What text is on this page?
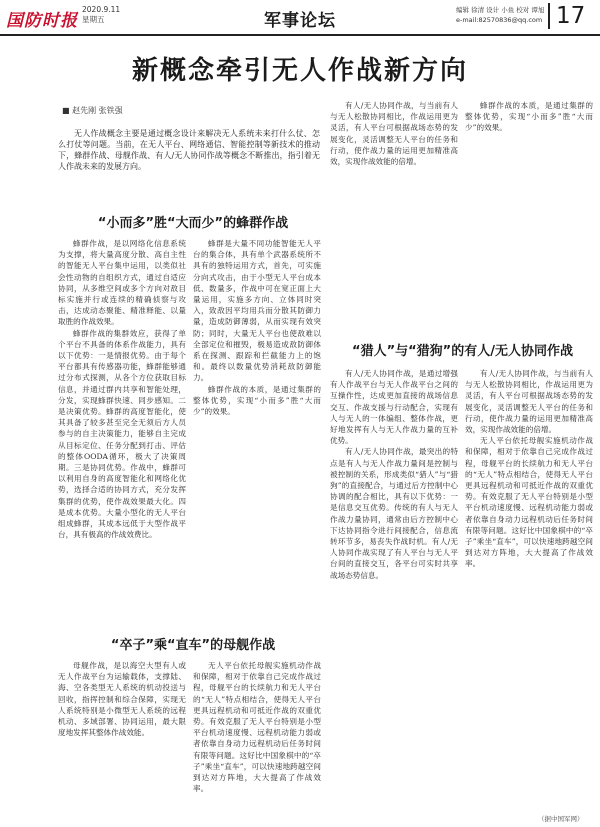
国防时报
2020.9.11
星期五	军事论坛
编辑 徐清 设计 小鱼 校对 谭旭
e-mail:82570836@qq.com 17
新概念牵引无人作战新方向
■ 赵先刚 张铁强
无人作战概念主要是通过概念设计来解决无人系统未来打什么仗、怎么打仗等问题。当前，在无人平台、网络通信、智能控制等新技术的推动下，蜂群作战、母舰作战、有人/无人协同作战等概念不断推出，指引着无人作战未来的发展方向。
“小而多”胜“大而少”的蜂群作战

蜂群作战，是以网络化信息系统为支撑，将大量高度分散、高自主性的智能无人平台集中运用，以类似社会性动物的自组织方式，通过自适应协同，从多维空间或多个方向对敌目标实施并行或连续的精确侦察与攻击，达成动态聚能、精准释能、以量取胜的作战效果。

蜂群作战的集群效应，获得了单个平台不具备的体系作战能力，具有以下优势：一是情报优势。由于每个平台都具有传感器功能，蜂群能够通过分布式探测，从各个方位获取目标信息，并通过群内共享和智能处理，分发，实现蜂群快速、同步感知。二是决策优势。蜂群的高度智能化，使其具备了较多甚至完全无须后方人员参与的自主决策能力，能够自主完成从目标定位、任务分配到打击、评估的整体OODA循环，极大了决策周期。三是协同优势。作战中，蜂群可以利用自身的高度智能化和网络化优势，选择合适的协同方式，充分发挥集群的优势，使作战效果最大化。四是成本优势。大量小型化的无人平台组成蜂群，其成本远低于大型作战平台，具有极高的作战效费比。

蜂群是大量不同功能智能无人平台的集合体，具有单个武器系统所不具有的独特运用方式，首先，可实施分向式攻击，由于小型无人平台成本低、数量多，作战中可在宽正面上大量运用，实施多方向、立体同时突入，致敌因平均用兵而分散其防御力量，造成防御薄弱，从而实现有效突防；同时，大量无人平台也使敌难以全部定位和摧毁，极易造成敌防御体系在探测、跟踪和拦截能力上的饱和。最终以数量优势消耗敌防御能力。

蜂群作战的本质，是通过集群的整体优势，实现“小而多”胜“大而少”的效果。

“卒子”乘“直车”的母舰作战

母舰作战，是以海空大型有人或无人作战平台为运输载体，支撑陆、海、空各类型无人系统的机动投送与回收，指挥控制和综合保障，实现无人系统特别是小微型无人系统的远程机动、多域部署、协同运用，最大限度地发挥其整体作战效能。

无人平台依托母舰实施机动作战和保障，相对于依靠自己完成作战过程，母舰平台的长续航力和无人平台的“无人”特点相结合，使得无人平台更具远程机动和可抵近作战的双重优势。有效克服了无人平台特别是小型平台机动速度慢、远程机动能力弱或者依靠自身动力远程机动后任务时间有限等问题。这好比中国象棋中的“卒子”乘坐“直车”，可以快速地跨越空间到达对方阵地，大大提高了作战效率。

有人/无人协同作战，与当前有人与无人松散协同相比，作战运用更为灵活，有人平台可根据战场态势的发展变化，灵活调整无人平台的任务和行动，使作战力量的运用更加精准高效，实现作战效能的倍增。

蜂群作战的本质，是通过集群的整体优势，实现“小而多”胜“大而少”的效果。

“猎人”与“猎狗”的有人/无人协同作战

有人/无人协同作战，是通过增强有人作战平台与无人作战平台之间的互操作性，达成更加直接的战场信息交互、作战支援与行动配合，实现有人与无人的一体编组、整体作战，更好地发挥有人与无人作战力量的互补优势。

有人/无人协同作战，最突出的特点是有人与无人作战力量间是控制与被控制的关系，形成类似“猎人”与“猎狗”的直接配合，与通过后方控制中心协调的配合相比，具有以下优势：一是信息交互优势。传统的有人与无人作战力量协同，通常由后方控制中心下达协同指令进行间接配合，信息流转环节多，易丧失作战时机。有人/无人协同作战实现了有人平台与无人平台间的直接交互，各平台可实时共享战场态势信息。

有人/无人协同作战，与当前有人与无人松散协同相比，作战运用更为灵活，有人平台可根据战场态势的发展变化，灵活调整无人平台的任务和行动，使作战力量的运用更加精准高效，实现作战效能的倍增。

无人平台依托母舰实施机动作战和保障，相对于依靠自己完成作战过程，母舰平台的长续航力和无人平台的“无人”特点相结合，使得无人平台更具远程机动和可抵近作战的双重优势。有效克服了无人平台特别是小型平台机动速度慢、远程机动能力弱或者依靠自身动力远程机动后任务时间有限等问题。这好比中国象棋中的“卒子”乘坐“直车”，可以快速地跨越空间到达对方阵地，大大提高了作战效率。

（据中国军网）
